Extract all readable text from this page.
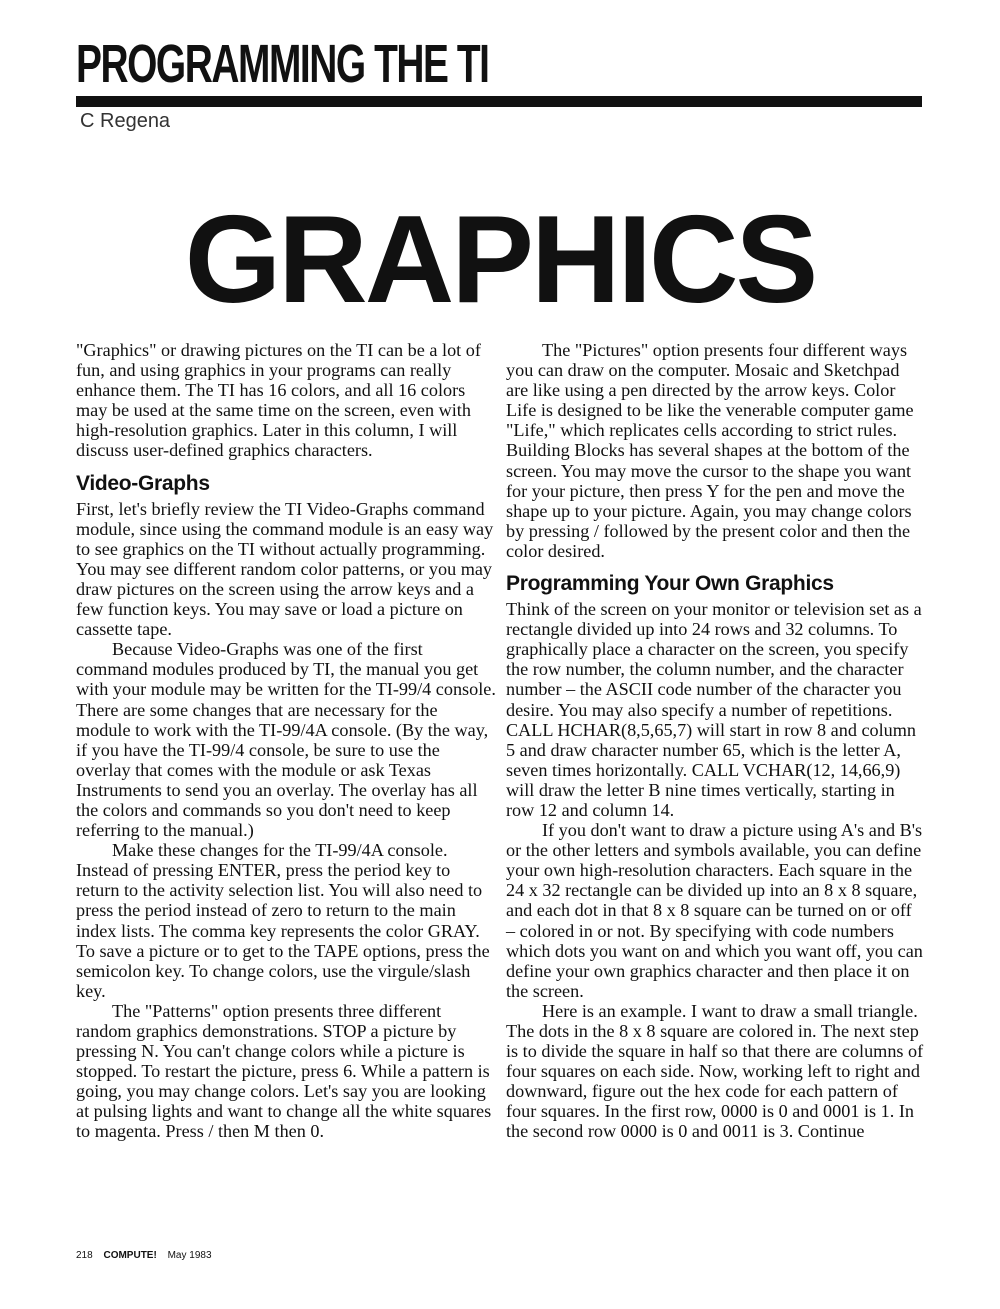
PROGRAMMING THE TI
C Regena
GRAPHICS

"Graphics" or drawing pictures on the TI can be a lot of fun, and using graphics in your programs can really enhance them. The TI has 16 colors, and all 16 colors may be used at the same time on the screen, even with high-resolution graphics. Later in this column, I will discuss user-defined graphics characters.

Video-Graphs

First, let's briefly review the TI Video-Graphs command module, since using the command module is an easy way to see graphics on the TI without actually programming. You may see different random color patterns, or you may draw pictures on the screen using the arrow keys and a few function keys. You may save or load a picture on cassette tape.

Because Video-Graphs was one of the first command modules produced by TI, the manual you get with your module may be written for the TI-99/4 console. There are some changes that are necessary for the module to work with the TI-99/4A console. (By the way, if you have the TI-99/4 console, be sure to use the overlay that comes with the module or ask Texas Instruments to send you an overlay. The overlay has all the colors and commands so you don't need to keep referring to the manual.)

Make these changes for the TI-99/4A console. Instead of pressing ENTER, press the period key to return to the activity selection list. You will also need to press the period instead of zero to return to the main index lists. The comma key represents the color GRAY. To save a picture or to get to the TAPE options, press the semicolon key. To change colors, use the virgule/slash key.

The "Patterns" option presents three different random graphics demonstrations. STOP a picture by pressing N. You can't change colors while a picture is stopped. To restart the picture, press 6. While a pattern is going, you may change colors. Let's say you are looking at pulsing lights and want to change all the white squares to magenta. Press / then M then 0.

The "Pictures" option presents four different ways you can draw on the computer. Mosaic and Sketchpad are like using a pen directed by the arrow keys. Color Life is designed to be like the venerable computer game "Life," which replicates cells according to strict rules. Building Blocks has several shapes at the bottom of the screen. You may move the cursor to the shape you want for your picture, then press Y for the pen and move the shape up to your picture. Again, you may change colors by pressing / followed by the present color and then the color desired.

Programming Your Own Graphics

Think of the screen on your monitor or television set as a rectangle divided up into 24 rows and 32 columns. To graphically place a character on the screen, you specify the row number, the column number, and the character number – the ASCII code number of the character you desire. You may also specify a number of repetitions. CALL HCHAR(8,5,65,7) will start in row 8 and column 5 and draw character number 65, which is the letter A, seven times horizontally. CALL VCHAR(12, 14,66,9) will draw the letter B nine times vertically, starting in row 12 and column 14.

If you don't want to draw a picture using A's and B's or the other letters and symbols available, you can define your own high-resolution characters. Each square in the 24 x 32 rectangle can be divided up into an 8 x 8 square, and each dot in that 8 x 8 square can be turned on or off – colored in or not. By specifying with code numbers which dots you want on and which you want off, you can define your own graphics character and then place it on the screen.

Here is an example. I want to draw a small triangle. The dots in the 8 x 8 square are colored in. The next step is to divide the square in half so that there are columns of four squares on each side. Now, working left to right and downward, figure out the hex code for each pattern of four squares. In the first row, 0000 is 0 and 0001 is 1. In the second row 0000 is 0 and 0011 is 3. Continue

218 COMPUTE! May 1983
